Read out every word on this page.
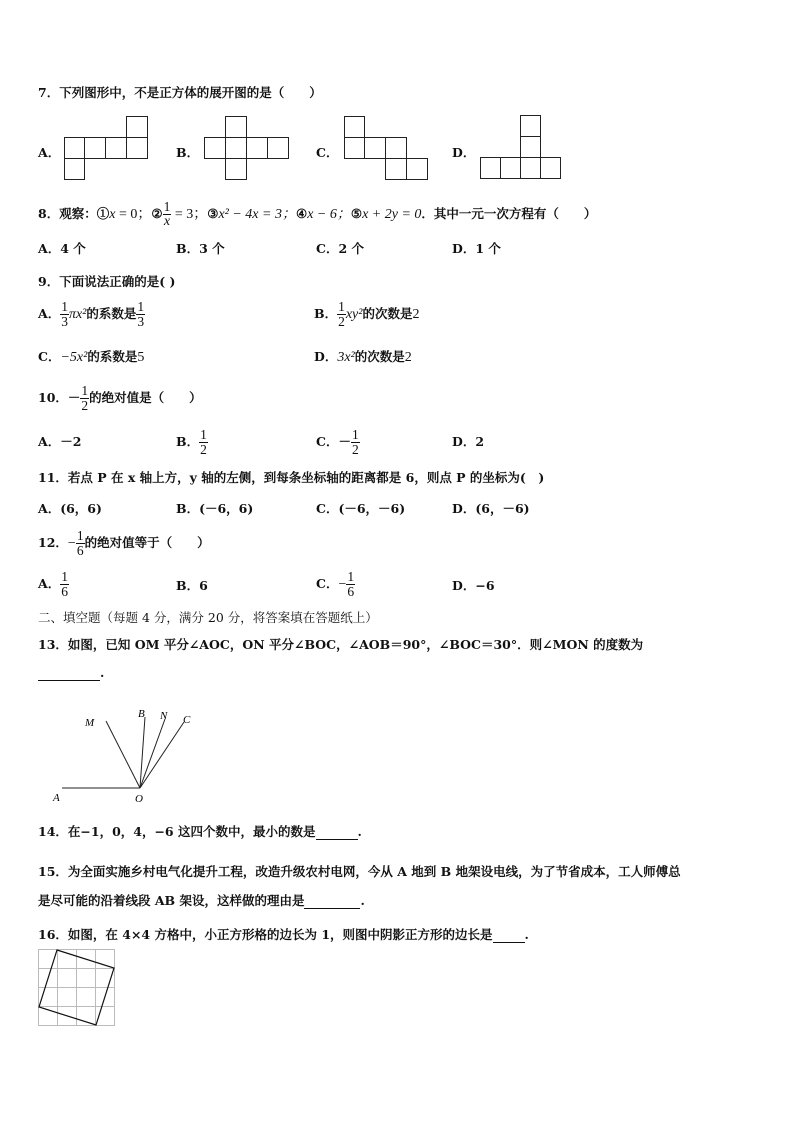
7．下列图形中，不是正方体的展开图的是（　　）
A．	B．	C．	D．
8．观察：①x = 0；② $\frac{1}{x} = 3$；③x² − 4x = 3；④x − 6；⑤x + 2y = 0．其中一元一次方程有（　　）
A．4 个	B．3 个	C．2 个	D．1 个
9．下面说法正确的是( )
A． $\frac{1}{3} \pi x^2$的系数是 $\frac{1}{3}$	B． $\frac{1}{2} xy^2$的次数是2
C．−5x²的系数是5	D．3x²的次数是2
10．－ $\frac{1}{2}$ 的绝对值是（　　）
A．－2	B． $\frac{1}{2}$	C．－ $\frac{1}{2}$	D．2
11．若点 P 在 x 轴上方，y 轴的左侧，到每条坐标轴的距离都是 6，则点 P 的坐标为(　)
A．(6，6)	B．(－6，6)	C．(－6，－6)	D．(6，－6)
12．− $\frac{1}{6}$ 的绝对值等于（　　）
A． $\frac{1}{6}$	B．6	C．− $\frac{1}{6}$	D．−6
二、填空题（每题 4 分，满分 20 分，将答案填在答题纸上）
13．如图，已知 OM 平分∠AOC，ON 平分∠BOC，∠AOB＝90°，∠BOC＝30°．则∠MON 的度数为
.
M
B N C
A	O
14．在−1，0，4，−6 这四个数中，最小的数是	.
15．为全面实施乡村电气化提升工程，改造升级农村电网，今从 A 地到 B 地架设电线，为了节省成本，工人师傅总
是尽可能的沿着线段 AB 架设，这样做的理由是	.
16．如图，在 4×4 方格中，小正方形格的边长为 1，则图中阴影正方形的边长是	.
